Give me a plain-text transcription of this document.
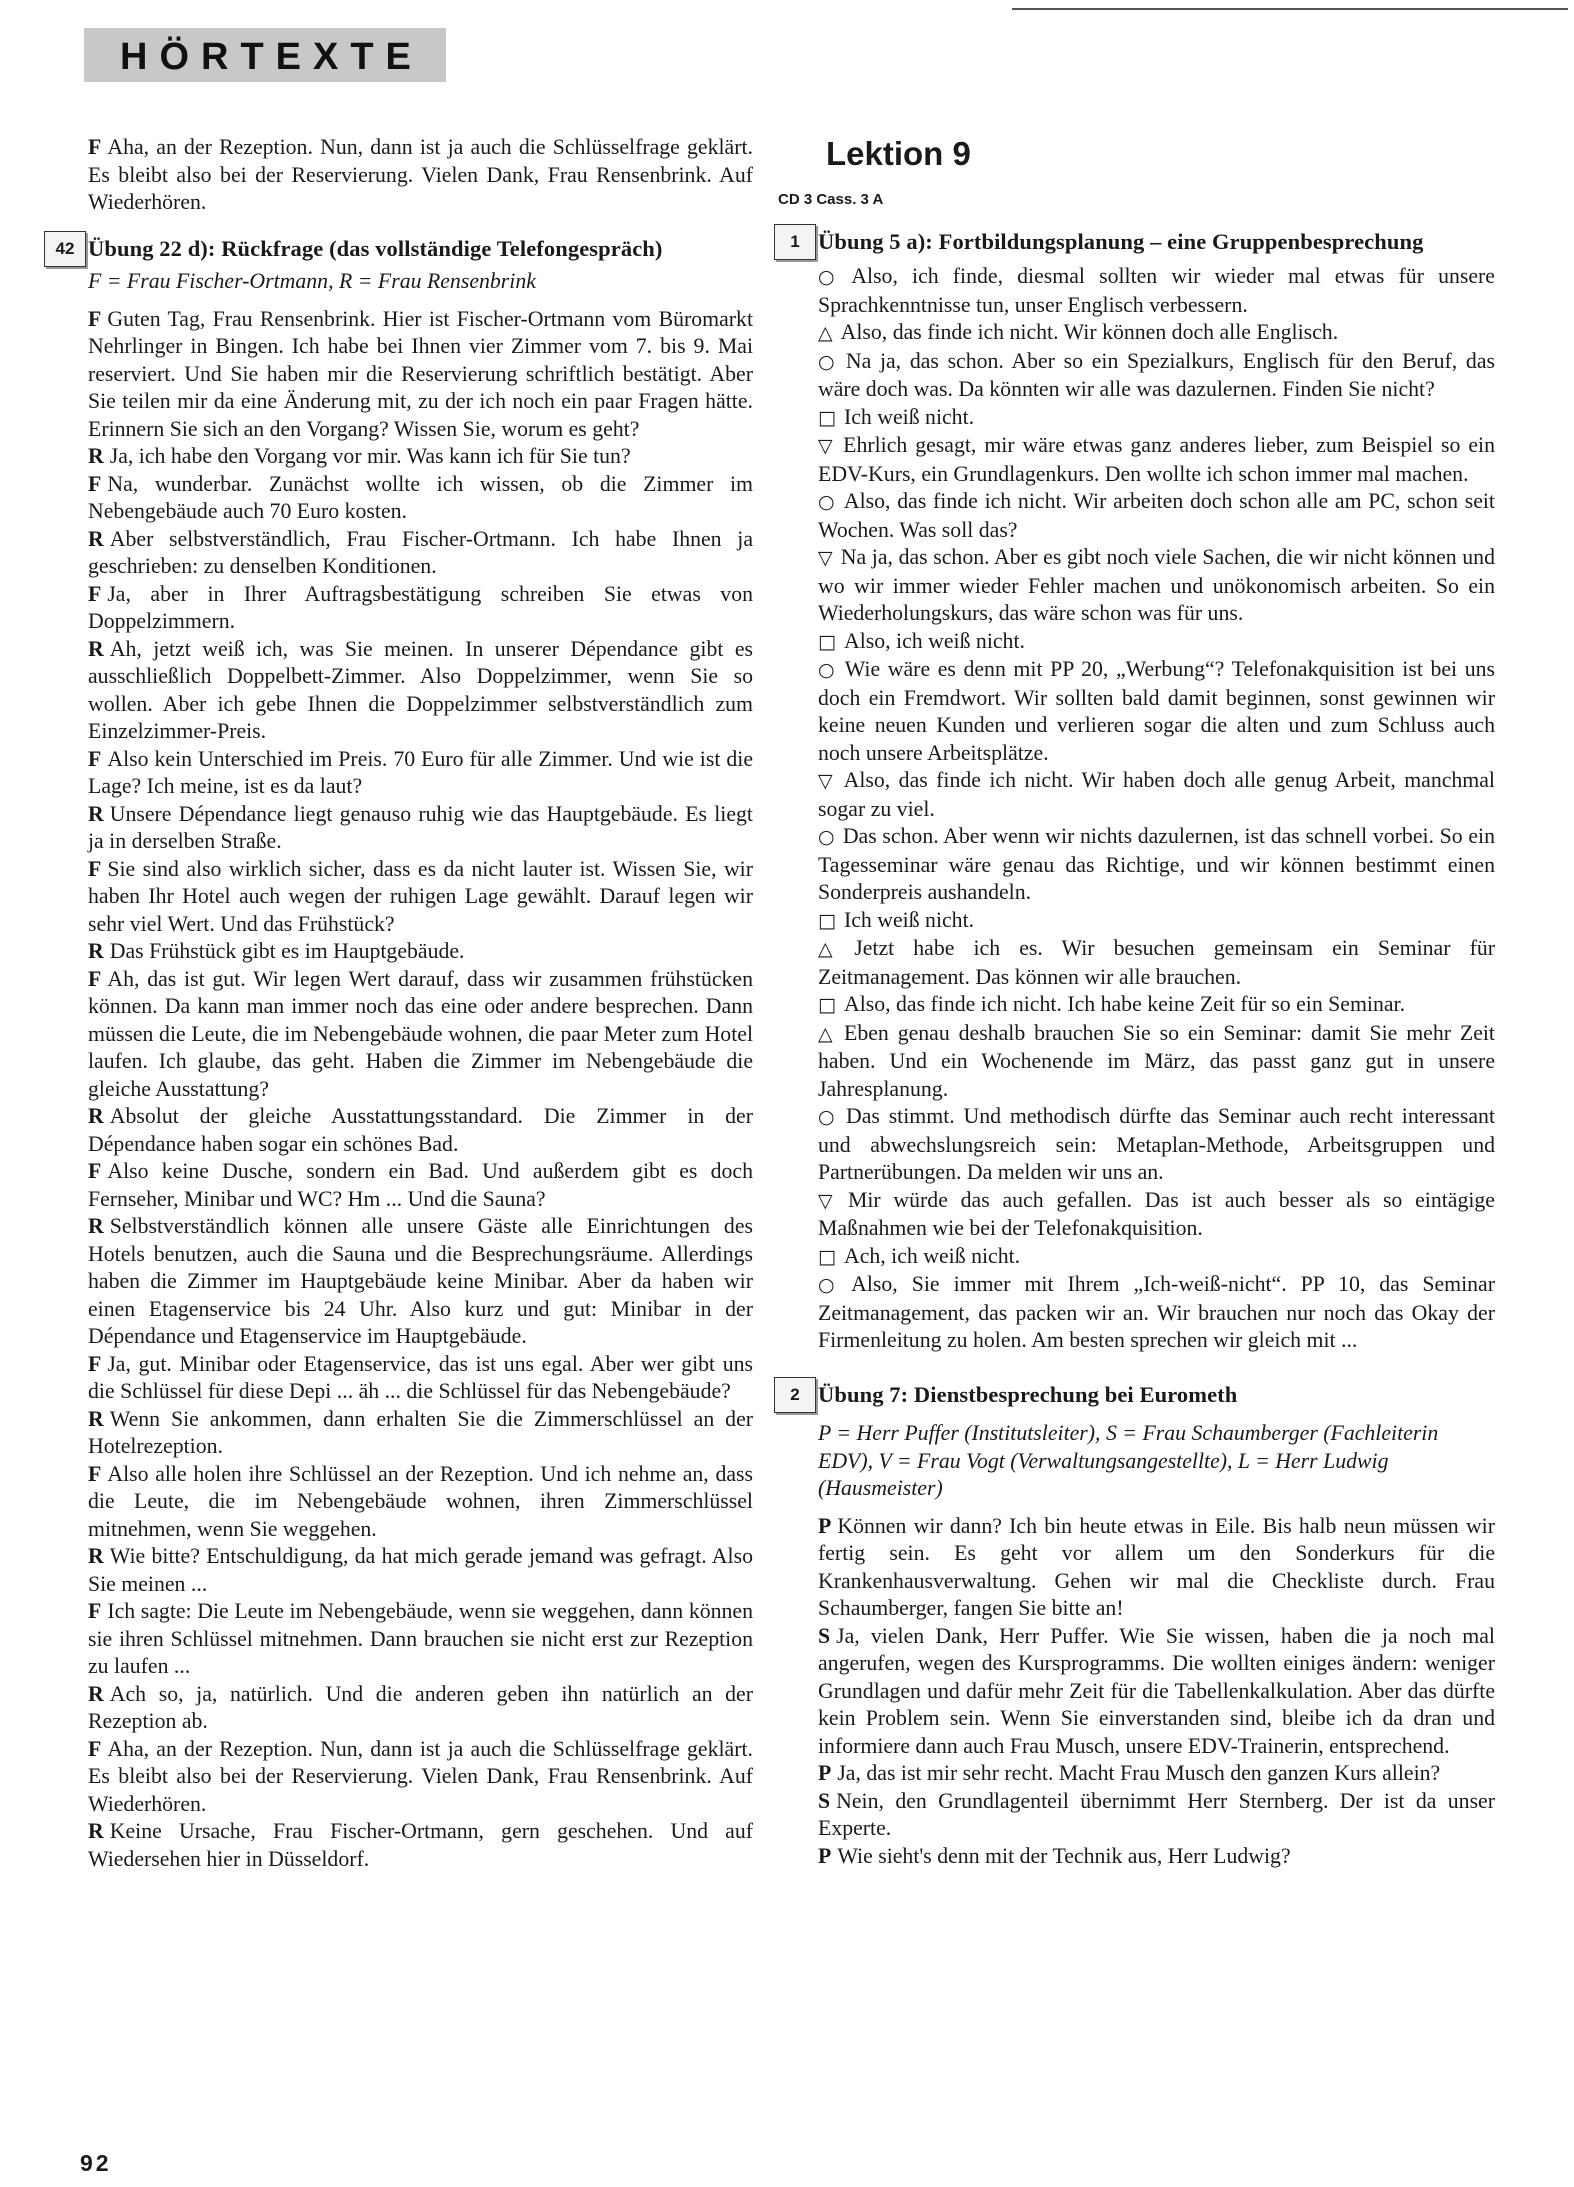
HÖRTEXTE

F Aha, an der Rezeption. Nun, dann ist ja auch die Schlüsselfrage geklärt. Es bleibt also bei der Reservierung. Vielen Dank, Frau Rensenbrink. Auf Wiederhören.

42 Übung 22 d): Rückfrage (das vollständige Telefongespräch)

F = Frau Fischer-Ortmann, R = Frau Rensenbrink

F Guten Tag, Frau Rensenbrink. Hier ist Fischer-Ortmann vom Büromarkt Nehrlinger in Bingen. Ich habe bei Ihnen vier Zimmer vom 7. bis 9. Mai reserviert. Und Sie haben mir die Reservierung schriftlich bestätigt. Aber Sie teilen mir da eine Änderung mit, zu der ich noch ein paar Fragen hätte. Erinnern Sie sich an den Vorgang? Wissen Sie, worum es geht?

R Ja, ich habe den Vorgang vor mir. Was kann ich für Sie tun?

F Na, wunderbar. Zunächst wollte ich wissen, ob die Zimmer im Nebengebäude auch 70 Euro kosten.

R Aber selbstverständlich, Frau Fischer-Ortmann. Ich habe Ihnen ja geschrieben: zu denselben Konditionen.

F Ja, aber in Ihrer Auftragsbestätigung schreiben Sie etwas von Doppelzimmern.

R Ah, jetzt weiß ich, was Sie meinen. In unserer Dépendance gibt es ausschließlich Doppelbett-Zimmer. Also Doppelzimmer, wenn Sie so wollen. Aber ich gebe Ihnen die Doppelzimmer selbstverständlich zum Einzelzimmer-Preis.

F Also kein Unterschied im Preis. 70 Euro für alle Zimmer. Und wie ist die Lage? Ich meine, ist es da laut?

R Unsere Dépendance liegt genauso ruhig wie das Hauptgebäude. Es liegt ja in derselben Straße.

F Sie sind also wirklich sicher, dass es da nicht lauter ist. Wissen Sie, wir haben Ihr Hotel auch wegen der ruhigen Lage gewählt. Darauf legen wir sehr viel Wert. Und das Frühstück?

R Das Frühstück gibt es im Hauptgebäude.

F Ah, das ist gut. Wir legen Wert darauf, dass wir zusammen frühstücken können. Da kann man immer noch das eine oder andere besprechen. Dann müssen die Leute, die im Nebengebäude wohnen, die paar Meter zum Hotel laufen. Ich glaube, das geht. Haben die Zimmer im Nebengebäude die gleiche Ausstattung?

R Absolut der gleiche Ausstattungsstandard. Die Zimmer in der Dépendance haben sogar ein schönes Bad.

F Also keine Dusche, sondern ein Bad. Und außerdem gibt es doch Fernseher, Minibar und WC? Hm ... Und die Sauna?

R Selbstverständlich können alle unsere Gäste alle Einrichtungen des Hotels benutzen, auch die Sauna und die Besprechungsräume. Allerdings haben die Zimmer im Hauptgebäude keine Minibar. Aber da haben wir einen Etagenservice bis 24 Uhr. Also kurz und gut: Minibar in der Dépendance und Etagenservice im Hauptgebäude.

F Ja, gut. Minibar oder Etagenservice, das ist uns egal. Aber wer gibt uns die Schlüssel für diese Depi ... äh ... die Schlüssel für das Nebengebäude?

R Wenn Sie ankommen, dann erhalten Sie die Zimmerschlüssel an der Hotelrezeption.

F Also alle holen ihre Schlüssel an der Rezeption. Und ich nehme an, dass die Leute, die im Nebengebäude wohnen, ihren Zimmerschlüssel mitnehmen, wenn Sie weggehen.

R Wie bitte? Entschuldigung, da hat mich gerade jemand was gefragt. Also Sie meinen ...

F Ich sagte: Die Leute im Nebengebäude, wenn sie weggehen, dann können sie ihren Schlüssel mitnehmen. Dann brauchen sie nicht erst zur Rezeption zu laufen ...

R Ach so, ja, natürlich. Und die anderen geben ihn natürlich an der Rezeption ab.

F Aha, an der Rezeption. Nun, dann ist ja auch die Schlüsselfrage geklärt. Es bleibt also bei der Reservierung. Vielen Dank, Frau Rensenbrink. Auf Wiederhören.

R Keine Ursache, Frau Fischer-Ortmann, gern geschehen. Und auf Wiedersehen hier in Düsseldorf.

Lektion 9

CD 3 Cass. 3 A

1 Übung 5 a): Fortbildungsplanung – eine Gruppenbesprechung

○ Also, ich finde, diesmal sollten wir wieder mal etwas für unsere Sprachkenntnisse tun, unser Englisch verbessern.

△ Also, das finde ich nicht. Wir können doch alle Englisch.

○ Na ja, das schon. Aber so ein Spezialkurs, Englisch für den Beruf, das wäre doch was. Da könnten wir alle was dazulernen. Finden Sie nicht?

□ Ich weiß nicht.

▽ Ehrlich gesagt, mir wäre etwas ganz anderes lieber, zum Beispiel so ein EDV-Kurs, ein Grundlagenkurs. Den wollte ich schon immer mal machen.

○ Also, das finde ich nicht. Wir arbeiten doch schon alle am PC, schon seit Wochen. Was soll das?

▽ Na ja, das schon. Aber es gibt noch viele Sachen, die wir nicht können und wo wir immer wieder Fehler machen und unökonomisch arbeiten. So ein Wiederholungskurs, das wäre schon was für uns.

□ Also, ich weiß nicht.

○ Wie wäre es denn mit PP 20, „Werbung“? Telefonakquisition ist bei uns doch ein Fremdwort. Wir sollten bald damit beginnen, sonst gewinnen wir keine neuen Kunden und verlieren sogar die alten und zum Schluss auch noch unsere Arbeitsplätze.

▽ Also, das finde ich nicht. Wir haben doch alle genug Arbeit, manchmal sogar zu viel.

○ Das schon. Aber wenn wir nichts dazulernen, ist das schnell vorbei. So ein Tagesseminar wäre genau das Richtige, und wir können bestimmt einen Sonderpreis aushandeln.

□ Ich weiß nicht.

△ Jetzt habe ich es. Wir besuchen gemeinsam ein Seminar für Zeitmanagement. Das können wir alle brauchen.

□ Also, das finde ich nicht. Ich habe keine Zeit für so ein Seminar.

△ Eben genau deshalb brauchen Sie so ein Seminar: damit Sie mehr Zeit haben. Und ein Wochenende im März, das passt ganz gut in unsere Jahresplanung.

○ Das stimmt. Und methodisch dürfte das Seminar auch recht interessant und abwechslungsreich sein: Metaplan-Methode, Arbeitsgruppen und Partnerübungen. Da melden wir uns an.

▽ Mir würde das auch gefallen. Das ist auch besser als so eintägige Maßnahmen wie bei der Telefonakquisition.

□ Ach, ich weiß nicht.

○ Also, Sie immer mit Ihrem „Ich-weiß-nicht“. PP 10, das Seminar Zeitmanagement, das packen wir an. Wir brauchen nur noch das Okay der Firmenleitung zu holen. Am besten sprechen wir gleich mit ...

2 Übung 7: Dienstbesprechung bei Eurometh

P = Herr Puffer (Institutsleiter), S = Frau Schaumberger (Fachleiterin EDV), V = Frau Vogt (Verwaltungsangestellte), L = Herr Ludwig (Hausmeister)

P Können wir dann? Ich bin heute etwas in Eile. Bis halb neun müssen wir fertig sein. Es geht vor allem um den Sonderkurs für die Krankenhausverwaltung. Gehen wir mal die Checkliste durch. Frau Schaumberger, fangen Sie bitte an!

S Ja, vielen Dank, Herr Puffer. Wie Sie wissen, haben die ja noch mal angerufen, wegen des Kursprogramms. Die wollten einiges ändern: weniger Grundlagen und dafür mehr Zeit für die Tabellenkalkulation. Aber das dürfte kein Problem sein. Wenn Sie einverstanden sind, bleibe ich da dran und informiere dann auch Frau Musch, unsere EDV-Trainerin, entsprechend.

P Ja, das ist mir sehr recht. Macht Frau Musch den ganzen Kurs allein?

S Nein, den Grundlagenteil übernimmt Herr Sternberg. Der ist da unser Experte.

P Wie sieht's denn mit der Technik aus, Herr Ludwig?

92
